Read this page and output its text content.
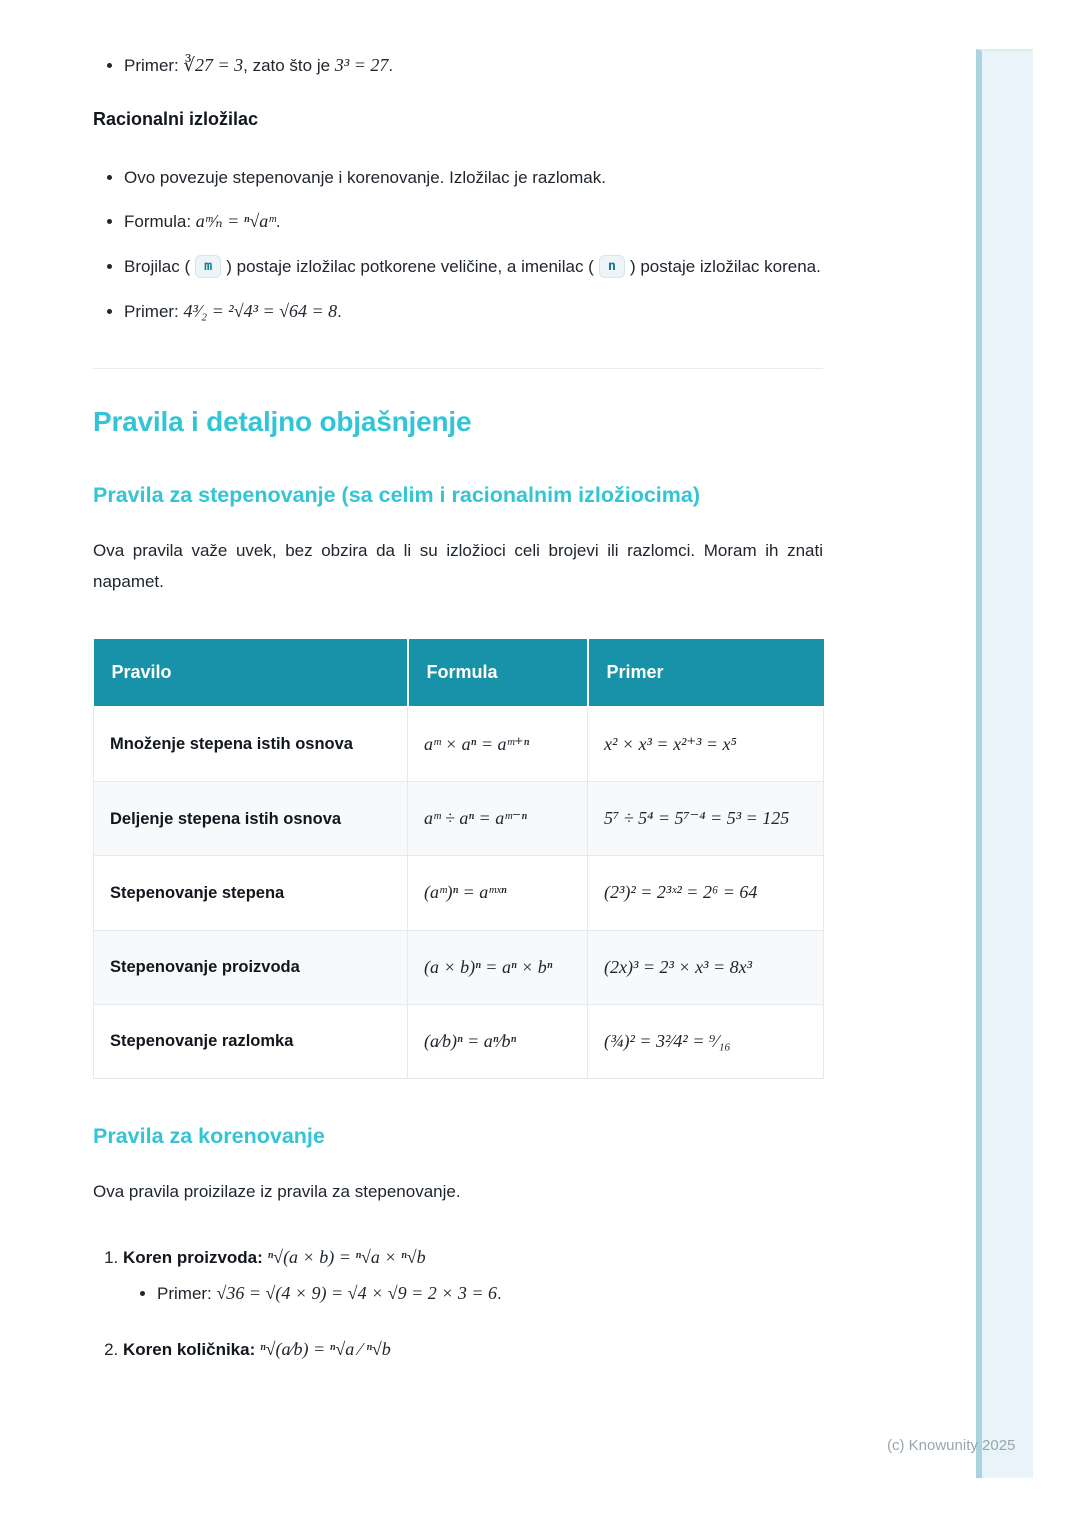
• Primer: ∛27 = 3, zato što je 3³ = 27.
Racionalni izložilac
• Ovo povezuje stepenovanje i korenovanje. Izložilac je razlomak.
• Formula: aᵐ⁄ₙ = ⁿ√aᵐ.
• Brojilac ( m ) postaje izložilac potkorene veličine, a imenilac ( n ) postaje izložilac korena.
• Primer: 4³⁄₂ = ²√4³ = √64 = 8.
Pravila i detaljno objašnjenje
Pravila za stepenovanje (sa celim i racionalnim izložiocima)

Ova pravila važe uvek, bez obzira da li su izložioci celi brojevi ili razlomci. Moram ih znati napamet.

Pravilo	Formula	Primer
Množenje stepena istih osnova	aᵐ × aⁿ = aᵐ⁺ⁿ	x² × x³ = x²⁺³ = x⁵
Deljenje stepena istih osnova	aᵐ ÷ aⁿ = aᵐ⁻ⁿ	5⁷ ÷ 5⁴ = 5⁷⁻⁴ = 5³ = 125
Stepenovanje stepena	(aᵐ)ⁿ = aᵐˣⁿ	(2³)² = 2³ˣ² = 2⁶ = 64
Stepenovanje proizvoda	(a × b)ⁿ = aⁿ × bⁿ	(2x)³ = 2³ × x³ = 8x³
Stepenovanje razlomka	(a⁄b)ⁿ = aⁿ⁄bⁿ	(¾)² = 3²⁄4² = ⁹⁄₁₆
Pravila za korenovanje

Ova pravila proizilaze iz pravila za stepenovanje.

1. Koren proizvoda: ⁿ√(a × b) = ⁿ√a × ⁿ√b
• Primer: √36 = √(4 × 9) = √4 × √9 = 2 × 3 = 6.
2. Koren količnika: ⁿ√(a⁄b) = ⁿ√a ⁄ ⁿ√b
(c) Knowunity 2025
